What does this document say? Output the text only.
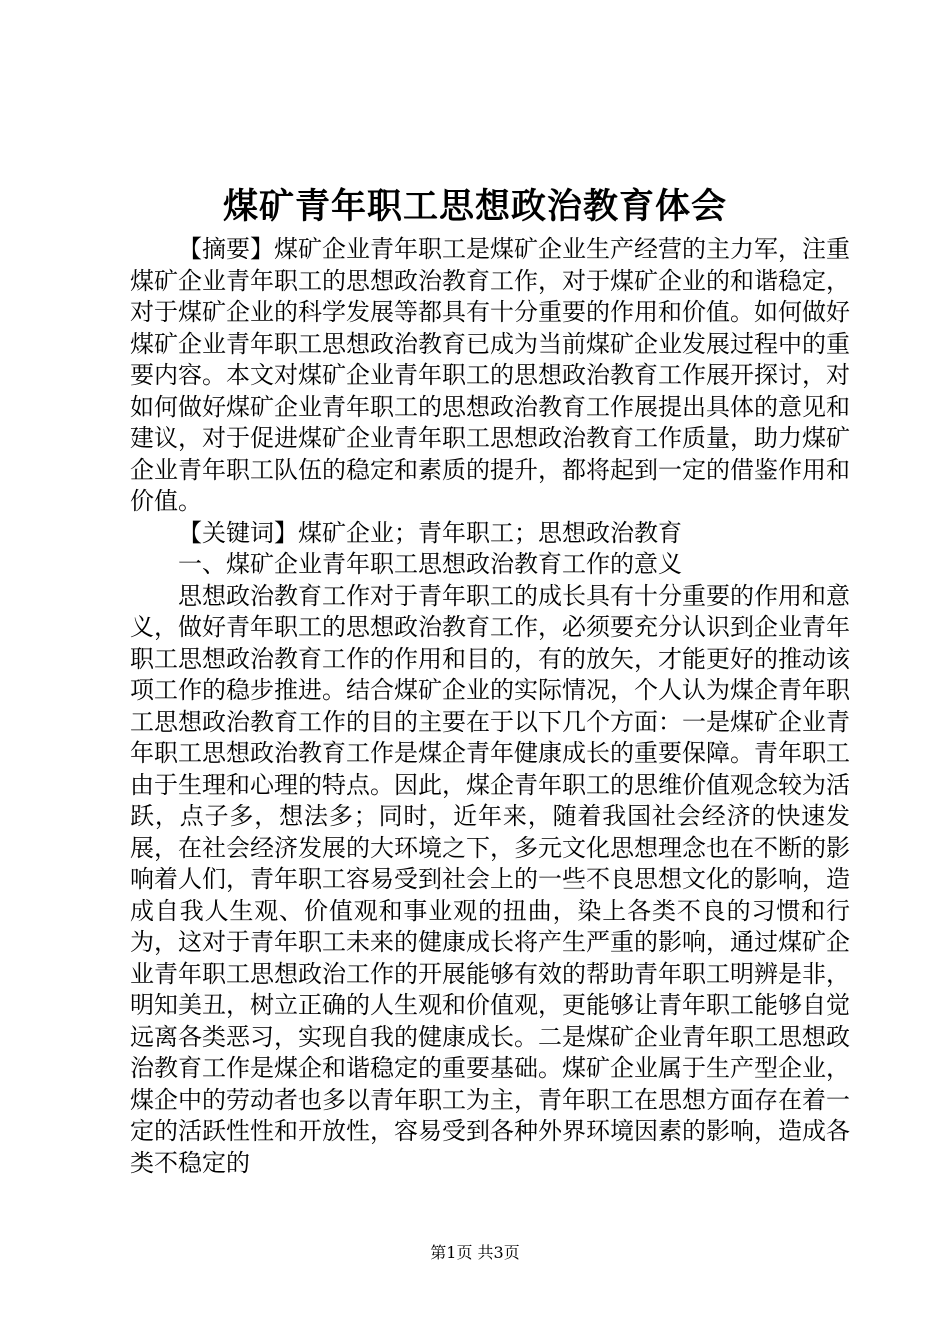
煤矿青年职工思想政治教育体会

【摘要】煤矿企业青年职工是煤矿企业生产经营的主力军，注重煤矿企业青年职工的思想政治教育工作，对于煤矿企业的和谐稳定，对于煤矿企业的科学发展等都具有十分重要的作用和价值。如何做好煤矿企业青年职工思想政治教育已成为当前煤矿企业发展过程中的重要内容。本文对煤矿企业青年职工的思想政治教育工作展开探讨，对如何做好煤矿企业青年职工的思想政治教育工作展提出具体的意见和建议，对于促进煤矿企业青年职工思想政治教育工作质量，助力煤矿企业青年职工队伍的稳定和素质的提升，都将起到一定的借鉴作用和价值。

【关键词】煤矿企业；青年职工；思想政治教育

一、煤矿企业青年职工思想政治教育工作的意义

思想政治教育工作对于青年职工的成长具有十分重要的作用和意义，做好青年职工的思想政治教育工作，必须要充分认识到企业青年职工思想政治教育工作的作用和目的，有的放矢，才能更好的推动该项工作的稳步推进。结合煤矿企业的实际情况，个人认为煤企青年职工思想政治教育工作的目的主要在于以下几个方面：一是煤矿企业青年职工思想政治教育工作是煤企青年健康成长的重要保障。青年职工由于生理和心理的特点。因此，煤企青年职工的思维价值观念较为活跃，点子多，想法多；同时，近年来，随着我国社会经济的快速发展，在社会经济发展的大环境之下，多元文化思想理念也在不断的影响着人们，青年职工容易受到社会上的一些不良思想文化的影响，造成自我人生观、价值观和事业观的扭曲，染上各类不良的习惯和行为，这对于青年职工未来的健康成长将产生严重的影响，通过煤矿企业青年职工思想政治工作的开展能够有效的帮助青年职工明辨是非，明知美丑，树立正确的人生观和价值观，更能够让青年职工能够自觉远离各类恶习，实现自我的健康成长。二是煤矿企业青年职工思想政治教育工作是煤企和谐稳定的重要基础。煤矿企业属于生产型企业，煤企中的劳动者也多以青年职工为主，青年职工在思想方面存在着一定的活跃性性和开放性，容易受到各种外界环境因素的影响，造成各类不稳定的

第1页 共3页
